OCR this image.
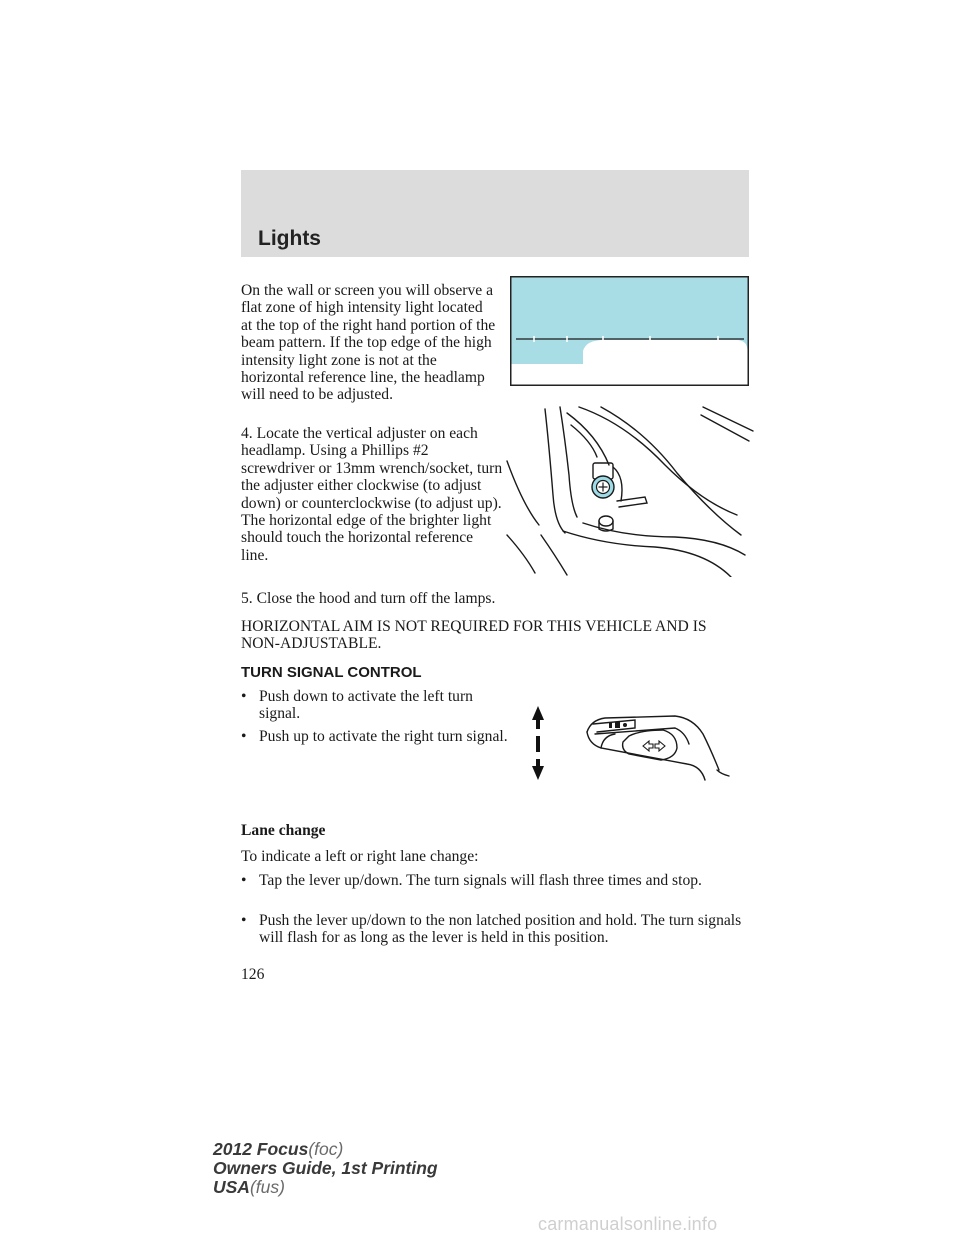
Lights

On the wall or screen you will observe a flat zone of high intensity light located at the top of the right hand portion of the beam pattern. If the top edge of the high intensity light zone is not at the horizontal reference line, the headlamp will need to be adjusted.

4. Locate the vertical adjuster on each headlamp. Using a Phillips #2 screwdriver or 13mm wrench/socket, turn the adjuster either clockwise (to adjust down) or counterclockwise (to adjust up). The horizontal edge of the brighter light should touch the horizontal reference line.

5. Close the hood and turn off the lamps.

HORIZONTAL AIM IS NOT REQUIRED FOR THIS VEHICLE AND IS NON-ADJUSTABLE.

TURN SIGNAL CONTROL
• Push down to activate the left turn signal.
• Push up to activate the right turn signal.

Lane change

To indicate a left or right lane change:

• Tap the lever up/down. The turn signals will flash three times and stop.
• Push the lever up/down to the non latched position and hold. The turn signals will flash for as long as the lever is held in this position.

126

2012 Focus(foc)
Owners Guide, 1st Printing
USA(fus)
carmanualsonline.info
